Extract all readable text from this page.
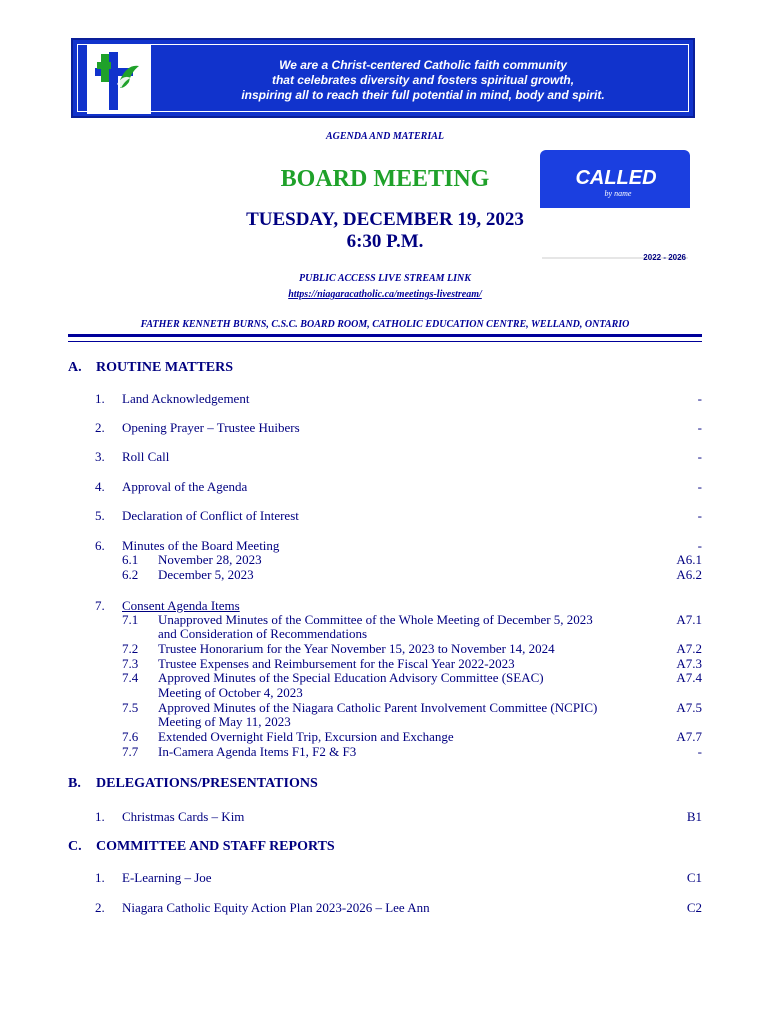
We are a Christ-centered Catholic faith community
that celebrates diversity and fosters spiritual growth,
inspiring all to reach their full potential in mind, body and spirit.
AGENDA AND MATERIAL
BOARD MEETING
TUESDAY, DECEMBER 19, 2023
6:30 P.M.
CALLED
by name
2022 - 2026
PUBLIC ACCESS LIVE STREAM LINK
https://niagaracatholic.ca/meetings-livestream/
FATHER KENNETH BURNS, C.S.C. BOARD ROOM, CATHOLIC EDUCATION CENTRE, WELLAND, ONTARIO
A. ROUTINE MATTERS
1. Land Acknowledgement	-
2. Opening Prayer – Trustee Huibers	-
3. Roll Call	-
4. Approval of the Agenda	-
5. Declaration of Conflict of Interest	-
6. Minutes of the Board Meeting	-
6.1 November 28, 2023	A6.1
6.2 December 5, 2023	A6.2
7. Consent Agenda Items
7.1 Unapproved Minutes of the Committee of the Whole Meeting of December 5, 2023	A7.1
and Consideration of Recommendations
7.2 Trustee Honorarium for the Year November 15, 2023 to November 14, 2024	A7.2
7.3 Trustee Expenses and Reimbursement for the Fiscal Year 2022-2023	A7.3
7.4 Approved Minutes of the Special Education Advisory Committee (SEAC)	A7.4
Meeting of October 4, 2023
7.5 Approved Minutes of the Niagara Catholic Parent Involvement Committee (NCPIC)	A7.5
Meeting of May 11, 2023
7.6 Extended Overnight Field Trip, Excursion and Exchange	A7.7
7.7 In-Camera Agenda Items F1, F2 & F3	-
B. DELEGATIONS/PRESENTATIONS
1. Christmas Cards – Kim	B1
C. COMMITTEE AND STAFF REPORTS
1. E-Learning – Joe	C1
2. Niagara Catholic Equity Action Plan 2023-2026 – Lee Ann	C2
